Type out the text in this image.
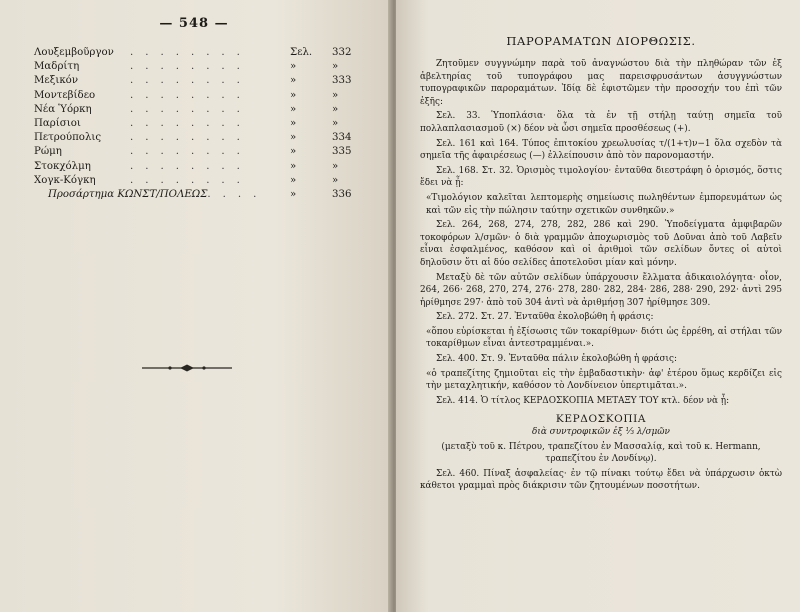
— 548 —
Λουξεμβοῦργον	........	Σελ.	332
Μαδρίτη	........	»	»
Μεξικόν	........	»	333
Μοντεβίδεο	........	»	»
Νέα Ὑόρκη	........	»	»
Παρίσιοι	........	»	»
Πετρούπολις	........	»	334
Ρώμη	........	»	335
Στοκχόλμη	........	»	»
Χογκ-Κόγκη	........	»	»
Προσάρτημα ΚΩΝΣΤ/ΠΟΛΕΩΣ ....	»	336
ΠΑΡΟΡΑΜΑΤΩΝ ΔΙΟΡΘΩΣΙΣ.

Ζητοῦμεν συγγνώμην παρὰ τοῦ ἀναγνώστου διὰ τὴν πληθώραν τῶν ἐξ ἀβελτηρίας τοῦ τυπογράφου μας παρεισφρυσάντων ἀσυγγνώστων τυπογραφικῶν παροραμάτων. Ἰδίᾳ δὲ ἐφιστῶμεν τὴν προσοχήν του ἐπὶ τῶν ἑξῆς:

Σελ. 33. Ὑποπλάσια· ὅλα τὰ ἐν τῇ στήλῃ ταύτῃ σημεῖα τοῦ πολλαπλασιασμοῦ (×) δέον νὰ ὦσι σημεῖα προσθέσεως (+).

Σελ. 161 καὶ 164. Τύπος ἐπιτοκίου χρεωλυσίας τ/(1+τ)ν−1 ὅλα σχεδὸν τὰ σημεῖα τῆς ἀφαιρέσεως (—) ἐλλείπουσιν ἀπὸ τὸν παρονομαστήν.

Σελ. 168. Στ. 32. Ὁρισμὸς τιμολογίου· ἐνταῦθα διεστράφη ὁ ὁρισμός, ὅστις ἔδει νὰ ᾖ:

«Τιμολόγιον καλεῖται λεπτομερὴς σημείωσις πωληθέντων ἐμπορευμάτων ὡς καὶ τῶν εἰς τὴν πώλησιν ταύτην σχετικῶν συνθηκῶν.»

Σελ. 264, 268, 274, 278, 282, 286 καὶ 290. Ὑποδείγματα ἀμφιβαρῶν τοκοφόρων λ/σμῶν· ὁ διὰ γραμμῶν ἀποχωρισμὸς τοῦ Δοῦναι ἀπὸ τοῦ Λαβεῖν εἶναι ἐσφαλμένος, καθόσον καὶ οἱ ἀριθμοὶ τῶν σελίδων ὄντες οἱ αὐτοὶ δηλοῦσιν ὅτι αἱ δύο σελίδες ἀποτελοῦσι μίαν καὶ μόνην.

Μεταξὺ δὲ τῶν αὐτῶν σελίδων ὑπάρχουσιν ἔλλματα ἀδικαιολόγητα· οἷον, 264, 266· 268, 270, 274, 276· 278, 280· 282, 284· 286, 288· 290, 292· ἀντὶ 295 ἠρίθμησε 297· ἀπὸ τοῦ 304 ἀντὶ νὰ ἀριθμήσῃ 307 ἠρίθμησε 309.

Σελ. 272. Στ. 27. Ἐνταῦθα ἐκολοβώθη ἡ φράσις:

«ὅπου εὑρίσκεται ἡ ἐξίσωσις τῶν τοκαρίθμων· διότι ὡς ἐρρέθη, αἱ στήλαι τῶν τοκαρίθμων εἶναι ἀντεστραμμέναι.».

Σελ. 400. Στ. 9. Ἐνταῦθα πάλιν ἐκολοβώθη ἡ φράσις:

«ὁ τραπεζίτης ζημιοῦται εἰς τὴν ἐμβαδαστικὴν· ἀφ' ἑτέρου ὅμως κερδίζει εἰς τὴν μεταχλητικήν, καθόσον τὸ Λονδίνειον ὑπερτιμᾶται.».

Σελ. 414. Ὁ τίτλος ΚΕΡΔΟΣΚΟΠΙΑ ΜΕΤΑΞΥ ΤΟΥ κτλ. δέον νὰ ᾖ:

ΚΕΡΔΟΣΚΟΠΙΑ

διὰ συντροφικῶν ἐξ ⅓ λ/σμῶν

(μεταξὺ τοῦ κ. Πέτρου, τραπεζίτου ἐν Μασσαλίᾳ, καὶ τοῦ κ. Hermann, τραπεζίτου ἐν Λονδίνῳ).

Σελ. 460. Πίναξ ἀσφαλείας· ἐν τῷ πίνακι τούτῳ ἔδει νὰ ὑπάρχωσιν ὀκτὼ κάθετοι γραμμαὶ πρὸς διάκρισιν τῶν ζητουμένων ποσοτήτων.
